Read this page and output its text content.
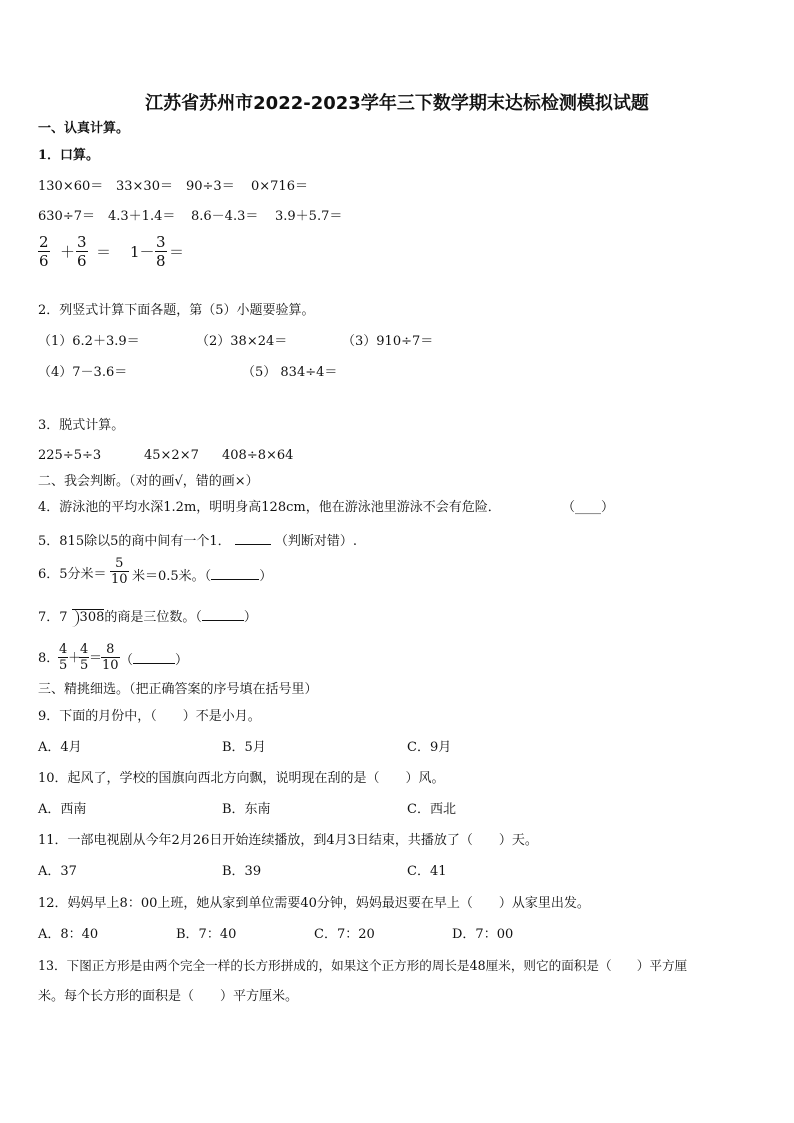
江苏省苏州市2022-2023学年三下数学期末达标检测模拟试题
一、认真计算。
1．口算。
130×60＝ 33×30＝ 90÷3＝ 0×716＝
630÷7＝ 4.3＋1.4＝ 8.6－4.3＝ 3.9＋5.7＝
$\frac{2}{6} + \frac{3}{6} = 1- \frac{3}{8}$ ＝
2．列竖式计算下面各题，第（5）小题要验算。
（1）6.2＋3.9＝	（2）38×24＝	（3）910÷7＝
（4）7－3.6＝	（5） 834÷4＝
3．脱式计算。
225÷5÷3	45×2×7 408÷8×64
二、我会判断。（对的画√，错的画×）
4．游泳池的平均水深1.2m，明明身高128cm，他在游泳池里游泳不会有危险．	（____）
5．815除以5的商中间有一个1．	（判断对错）.
6．5分米＝ $\frac{5}{10}$ 米＝0.5米。（	）
7．7 308的商是三位数。（	）
8．
$\frac{4}{5}$ ＋
$\frac{4}{5}$ ＝
$\frac{8}{10}$ （	）
三、精挑细选。（把正确答案的序号填在括号里）
9．下面的月份中，（　　）不是小月。
A．4月	B．5月	C．9月
10．起风了，学校的国旗向西北方向飘，说明现在刮的是（　　）风。
A．西南	B．东南	C．西北
11．一部电视剧从今年2月26日开始连续播放，到4月3日结束，共播放了（　　）天。
A．37	B．39	C．41
12．妈妈早上8：00上班，她从家到单位需要40分钟，妈妈最迟要在早上（　　）从家里出发。
A．8：40	B．7：40	C．7：20	D．7：00
13．下图正方形是由两个完全一样的长方形拼成的，如果这个正方形的周长是48厘米，则它的面积是（　　）平方厘
米。每个长方形的面积是（　　）平方厘米。
